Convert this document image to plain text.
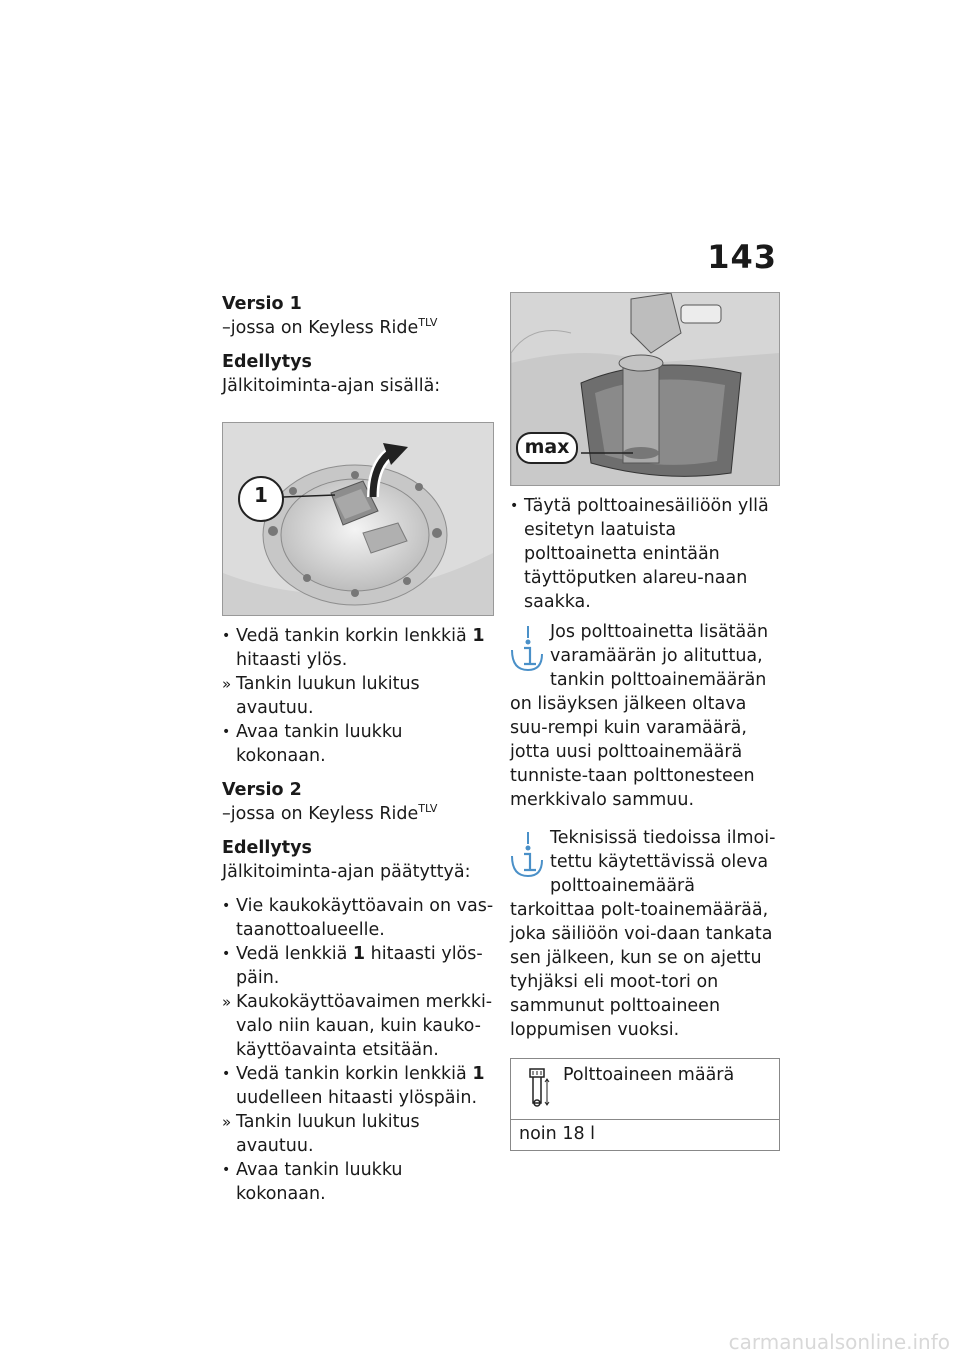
143
Versio 1
–jossa on Keyless Ride$^{TLV}$
Edellytys
Jälkitoiminta-ajan sisällä:
1
• Vedä tankin korkin lenkkiä 1 hitaasti ylös.
» Tankin luukun lukitus avautuu.
• Avaa tankin luukku kokonaan.
Versio 2
–jossa on Keyless Ride$^{TLV}$
Edellytys
Jälkitoiminta-ajan päätyttyä:
• Vie kaukokäyttöavain on vas-taanottoalueelle.
• Vedä lenkkiä 1 hitaasti ylös-päin.
» Kaukokäyttöavaimen merkki-valo niin kauan, kuin kauko-käyttöavainta etsitään.
• Vedä tankin korkin lenkkiä 1 uudelleen hitaasti ylöspäin.
» Tankin luukun lukitus avautuu.
• Avaa tankin luukku kokonaan.
max
• Täytä polttoainesäiliöön yllä esitetyn laatuista polttoainetta enintään täyttöputken alareu-naan saakka.
Jos polttoainetta lisätään varamäärän jo alituttua, tankin polttoainemäärän on lisäyksen jälkeen oltava suu-rempi kuin varamäärä, jotta uusi polttoainemäärä tunniste-taan polttonesteen merkkivalo sammuu.
Teknisissä tiedoissa ilmoi-tettu käytettävissä oleva polttoainemäärä tarkoittaa polt-toainemäärää, joka säiliöön voi-daan tankata sen jälkeen, kun se on ajettu tyhjäksi eli moot-tori on sammunut polttoaineen loppumisen vuoksi.
Polttoaineen määrä
noin 18 l
carmanualsonline.info
